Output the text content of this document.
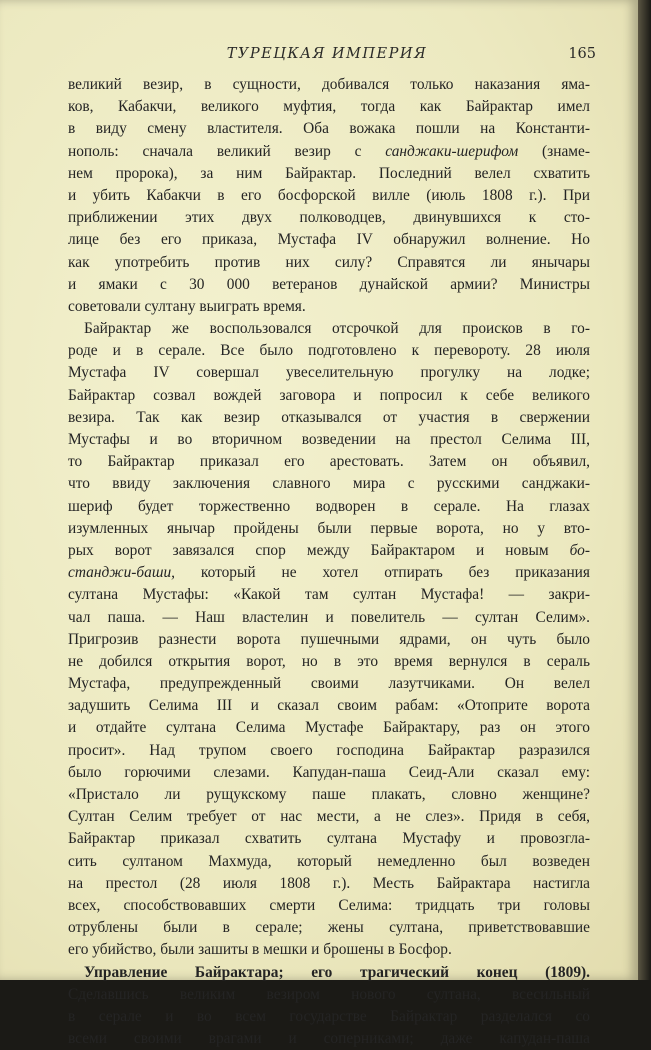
ТУРЕЦКАЯ ИМПЕРИЯ	165
великий везир, в сущности, добивался только наказания яма-
ков, Кабакчи, великого муфтия, тогда как Байрактар имел
в виду смену властителя. Оба вожака пошли на Константи-
нополь: сначала великий везир с санджаки-шерифом (знаме-
нем пророка), за ним Байрактар. Последний велел схватить
и убить Кабакчи в его босфорской вилле (июль 1808 г.). При
приближении этих двух полководцев, двинувшихся к сто-
лице без его приказа, Мустафа IV обнаружил волнение. Но
как употребить против них силу? Справятся ли янычары
и ямаки с 30 000 ветеранов дунайской армии? Министры
советовали султану выиграть время.
Байрактар же воспользовался отсрочкой для происков в го-
роде и в серале. Все было подготовлено к перевороту. 28 июля
Мустафа IV совершал увеселительную прогулку на лодке;
Байрактар созвал вождей заговора и попросил к себе великого
везира. Так как везир отказывался от участия в свержении
Мустафы и во вторичном возведении на престол Селима III,
то Байрактар приказал его арестовать. Затем он объявил,
что ввиду заключения славного мира с русскими санджаки-
шериф будет торжественно водворен в серале. На глазах
изумленных янычар пройдены были первые ворота, но у вто-
рых ворот завязался спор между Байрактаром и новым бо-
станджи-баши, который не хотел отпирать без приказания
султана Мустафы: «Какой там султан Мустафа! — закри-
чал паша. — Наш властелин и повелитель — султан Селим».
Пригрозив разнести ворота пушечными ядрами, он чуть было
не добился открытия ворот, но в это время вернулся в сераль
Мустафа, предупрежденный своими лазутчиками. Он велел
задушить Селима III и сказал своим рабам: «Отоприте ворота
и отдайте султана Селима Мустафе Байрактару, раз он этого
просит». Над трупом своего господина Байрактар разразился
было горючими слезами. Капудан-паша Сеид-Али сказал ему:
«Пристало ли рущукскому паше плакать, словно женщине?
Султан Селим требует от нас мести, а не слез». Придя в себя,
Байрактар приказал схватить султана Мустафу и провозгла-
сить султаном Махмуда, который немедленно был возведен
на престол (28 июля 1808 г.). Месть Байрактара настигла
всех, способствовавших смерти Селима: тридцать три головы
отрублены были в серале; жены султана, приветствовавшие
его убийство, были зашиты в мешки и брошены в Босфор.
Управление Байрактара; его трагический конец (1809).
Сделавшись великим везиром нового султана, всесильный
в серале и во всем государстве Байрактар разделался со
всеми своими врагами и соперниками; даже капудан-паша
